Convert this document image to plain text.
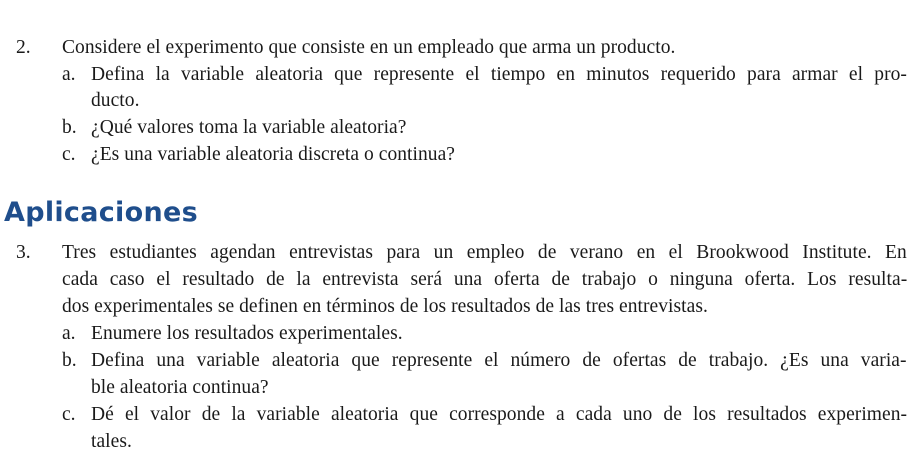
2. Considere el experimento que consiste en un empleado que arma un producto.
a. Defina la variable aleatoria que represente el tiempo en minutos requerido para armar el pro-
ducto.
b. ¿Qué valores toma la variable aleatoria?
c. ¿Es una variable aleatoria discreta o continua?
Aplicaciones
3. Tres estudiantes agendan entrevistas para un empleo de verano en el Brookwood Institute. En
cada caso el resultado de la entrevista será una oferta de trabajo o ninguna oferta. Los resulta-
dos experimentales se definen en términos de los resultados de las tres entrevistas.
a. Enumere los resultados experimentales.
b. Defina una variable aleatoria que represente el número de ofertas de trabajo. ¿Es una varia-
ble aleatoria continua?
c. Dé el valor de la variable aleatoria que corresponde a cada uno de los resultados experimen-
tales.
